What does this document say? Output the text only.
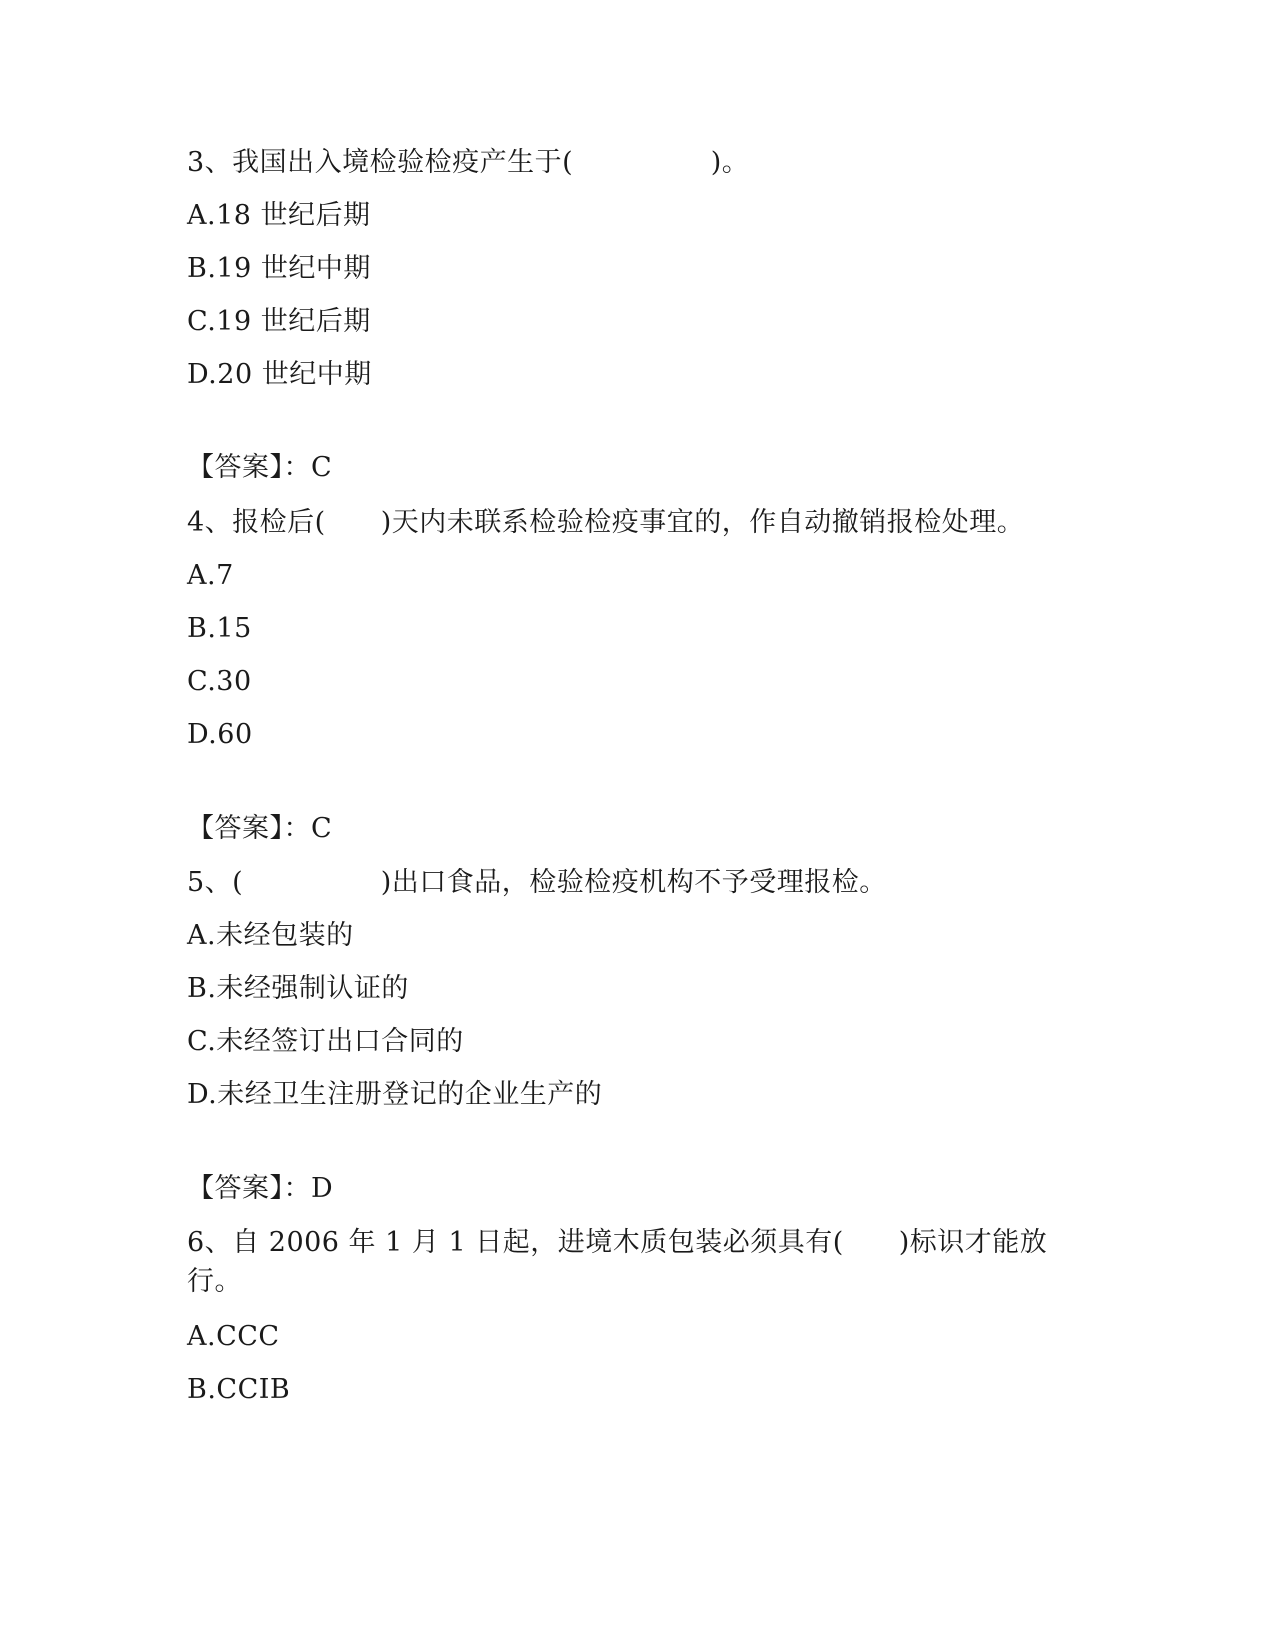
3、我国出入境检验检疫产生于(　　　　　)。
A.18 世纪后期
B.19 世纪中期
C.19 世纪后期
D.20 世纪中期
【答案】：C
4、报检后(　　)天内未联系检验检疫事宜的，作自动撤销报检处理。
A.7
B.15
C.30
D.60
【答案】：C
5、(　　　　　)出口食品，检验检疫机构不予受理报检。
A.未经包装的
B.未经强制认证的
C.未经签订出口合同的
D.未经卫生注册登记的企业生产的
【答案】：D
6、自 2006 年 1 月 1 日起，进境木质包装必须具有(　　)标识才能放
行。
A.CCC
B.CCIB
